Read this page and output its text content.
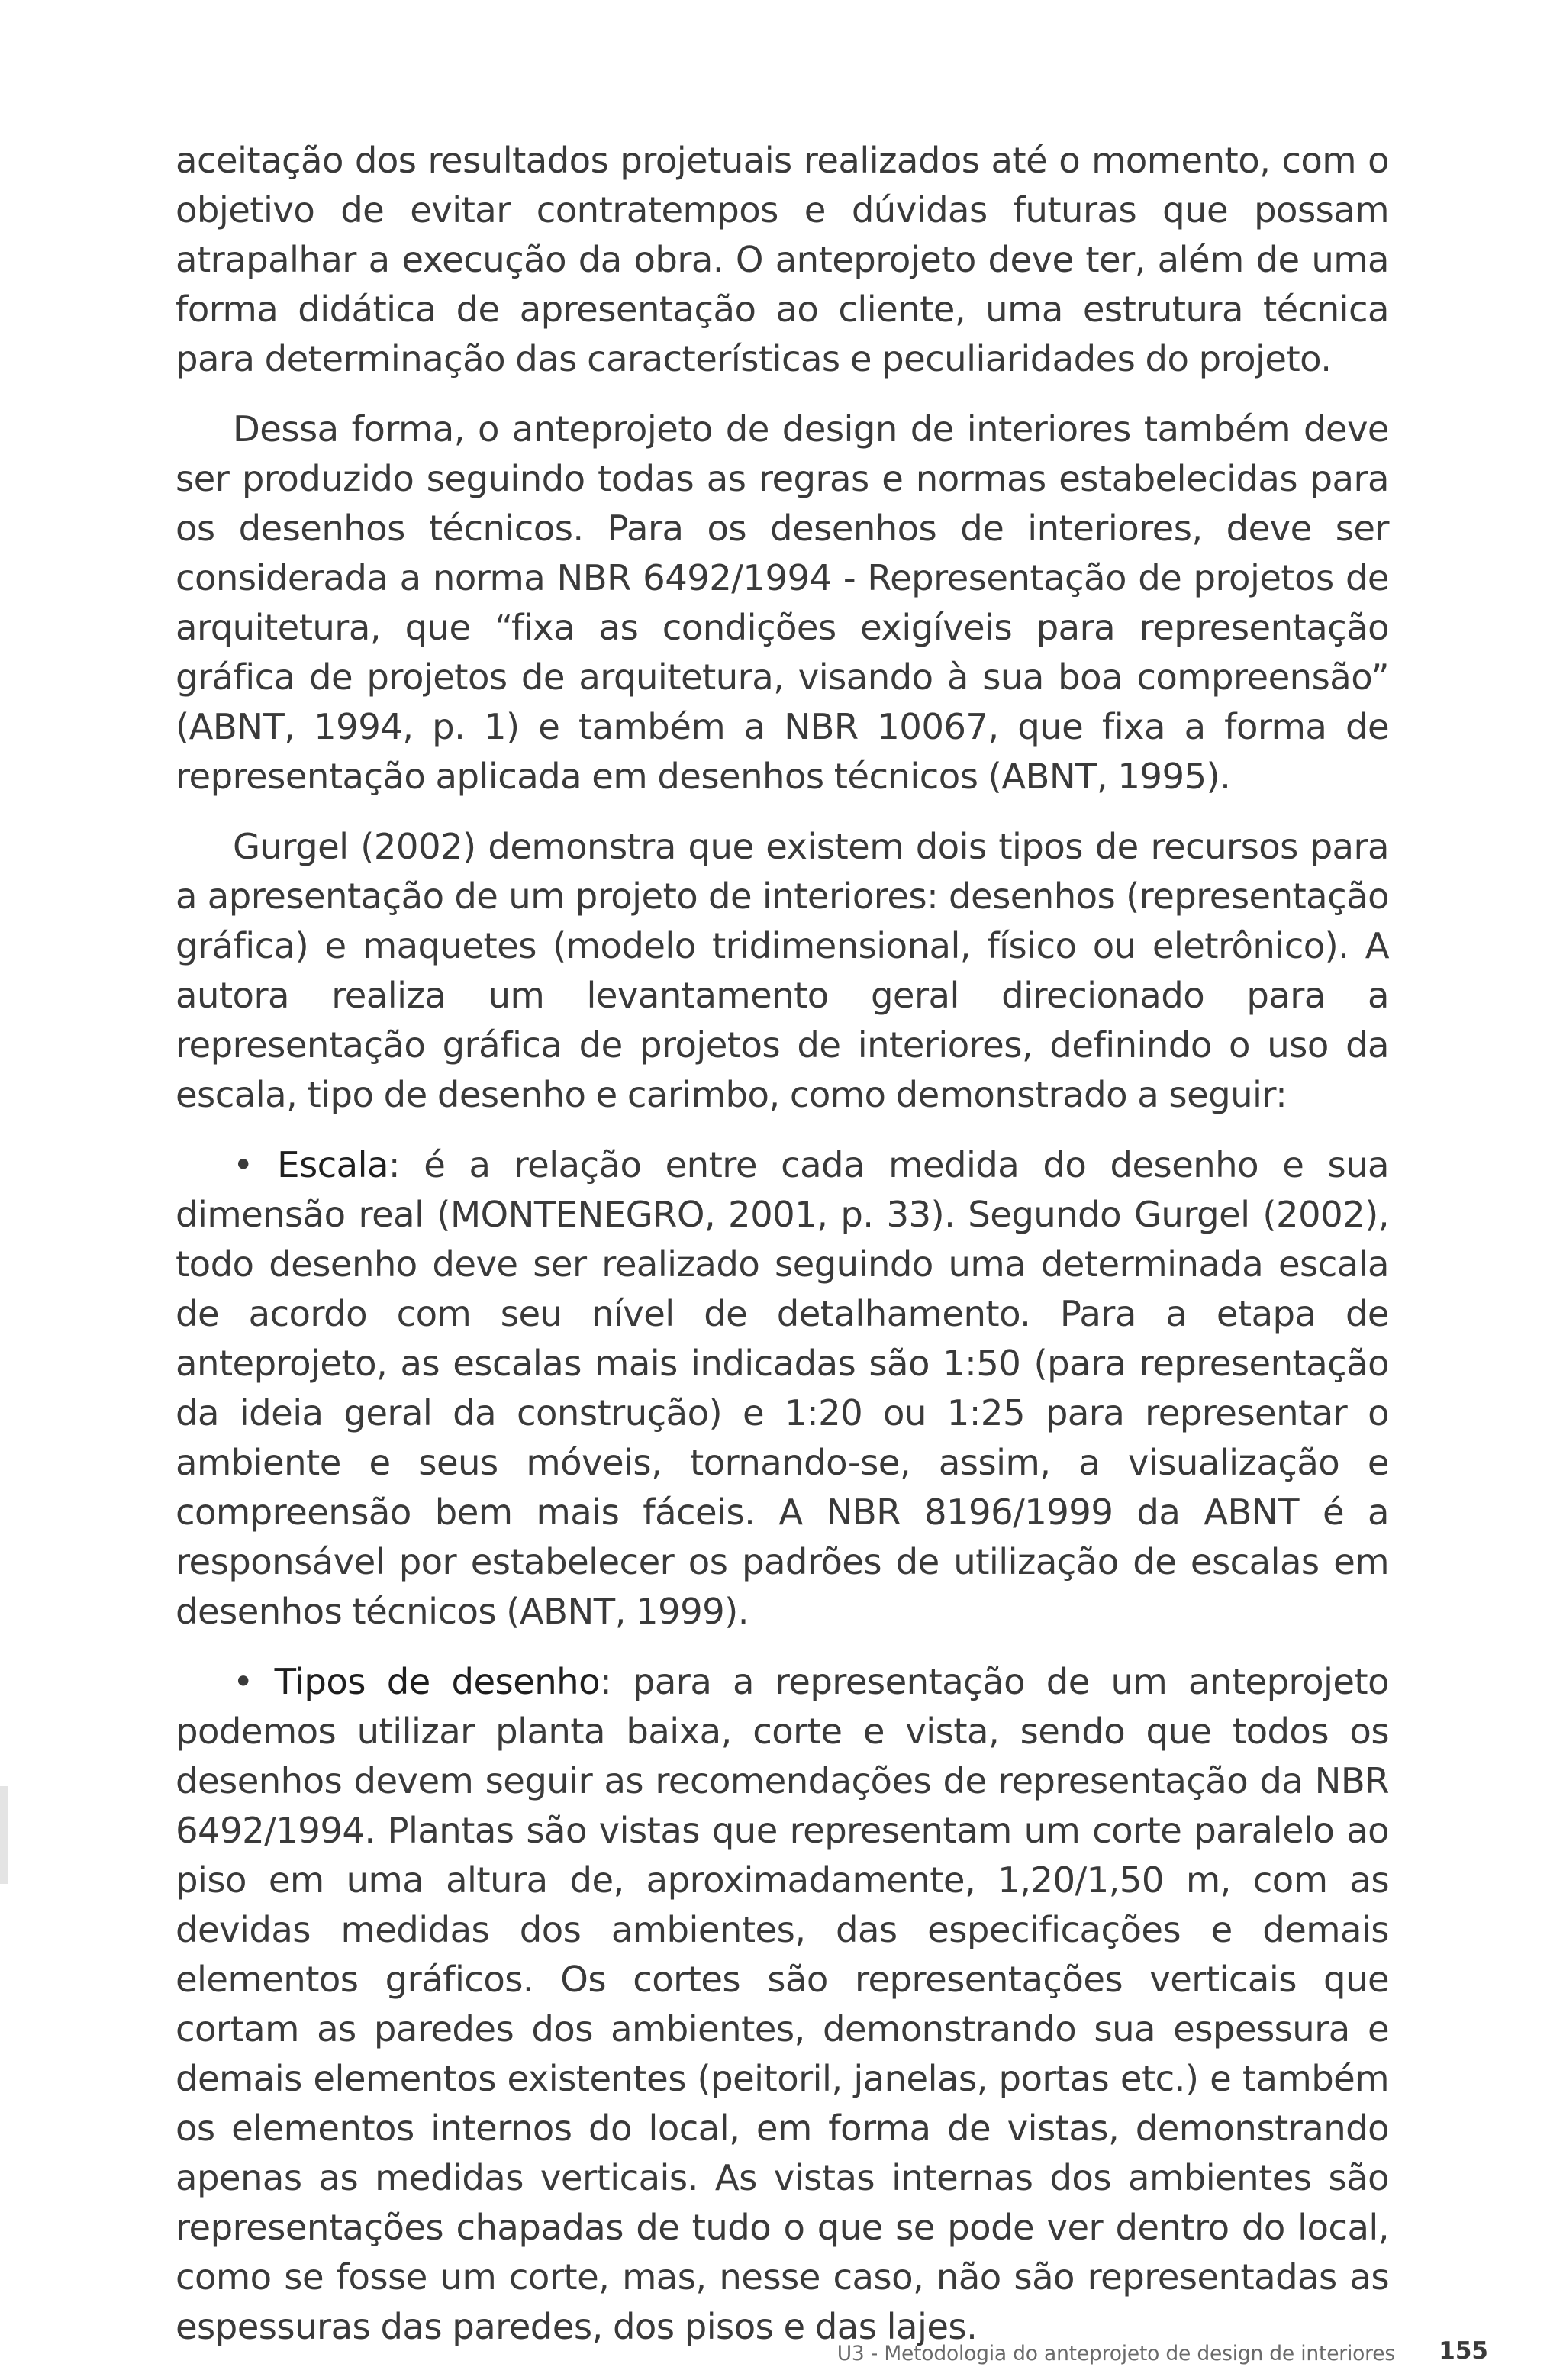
aceitação dos resultados projetuais realizados até o momento, com o objetivo de evitar contratempos e dúvidas futuras que possam atrapalhar a execução da obra. O anteprojeto deve ter, além de uma forma didática de apresentação ao cliente, uma estrutura técnica para determinação das características e peculiaridades do projeto.

Dessa forma, o anteprojeto de design de interiores também deve ser produzido seguindo todas as regras e normas estabelecidas para os desenhos técnicos. Para os desenhos de interiores, deve ser considerada a norma NBR 6492/1994 - Representação de projetos de arquitetura, que “fixa as condições exigíveis para representação gráfica de projetos de arquitetura, visando à sua boa compreensão” (ABNT, 1994, p. 1) e também a NBR 10067, que fixa a forma de representação aplicada em desenhos técnicos (ABNT, 1995).

Gurgel (2002) demonstra que existem dois tipos de recursos para a apresentação de um projeto de interiores: desenhos (representação gráfica) e maquetes (modelo tridimensional, físico ou eletrônico). A autora realiza um levantamento geral direcionado para a representação gráfica de projetos de interiores, definindo o uso da escala, tipo de desenho e carimbo, como demonstrado a seguir:

• Escala: é a relação entre cada medida do desenho e sua dimensão real (MONTENEGRO, 2001, p. 33). Segundo Gurgel (2002), todo desenho deve ser realizado seguindo uma determinada escala de acordo com seu nível de detalhamento. Para a etapa de anteprojeto, as escalas mais indicadas são 1:50 (para representação da ideia geral da construção) e 1:20 ou 1:25 para representar o ambiente e seus móveis, tornando-se, assim, a visualização e compreensão bem mais fáceis. A NBR 8196/1999 da ABNT é a responsável por estabelecer os padrões de utilização de escalas em desenhos técnicos (ABNT, 1999).

• Tipos de desenho: para a representação de um anteprojeto podemos utilizar planta baixa, corte e vista, sendo que todos os desenhos devem seguir as recomendações de representação da NBR 6492/1994. Plantas são vistas que representam um corte paralelo ao piso em uma altura de, aproximadamente, 1,20/1,50 m, com as devidas medidas dos ambientes, das especificações e demais elementos gráficos. Os cortes são representações verticais que cortam as paredes dos ambientes, demonstrando sua espessura e demais elementos existentes (peitoril, janelas, portas etc.) e também os elementos internos do local, em forma de vistas, demonstrando apenas as medidas verticais. As vistas internas dos ambientes são representações chapadas de tudo o que se pode ver dentro do local, como se fosse um corte, mas, nesse caso, não são representadas as espessuras das paredes, dos pisos e das lajes.

U3 - Metodologia do anteprojeto de design de interiores 155
